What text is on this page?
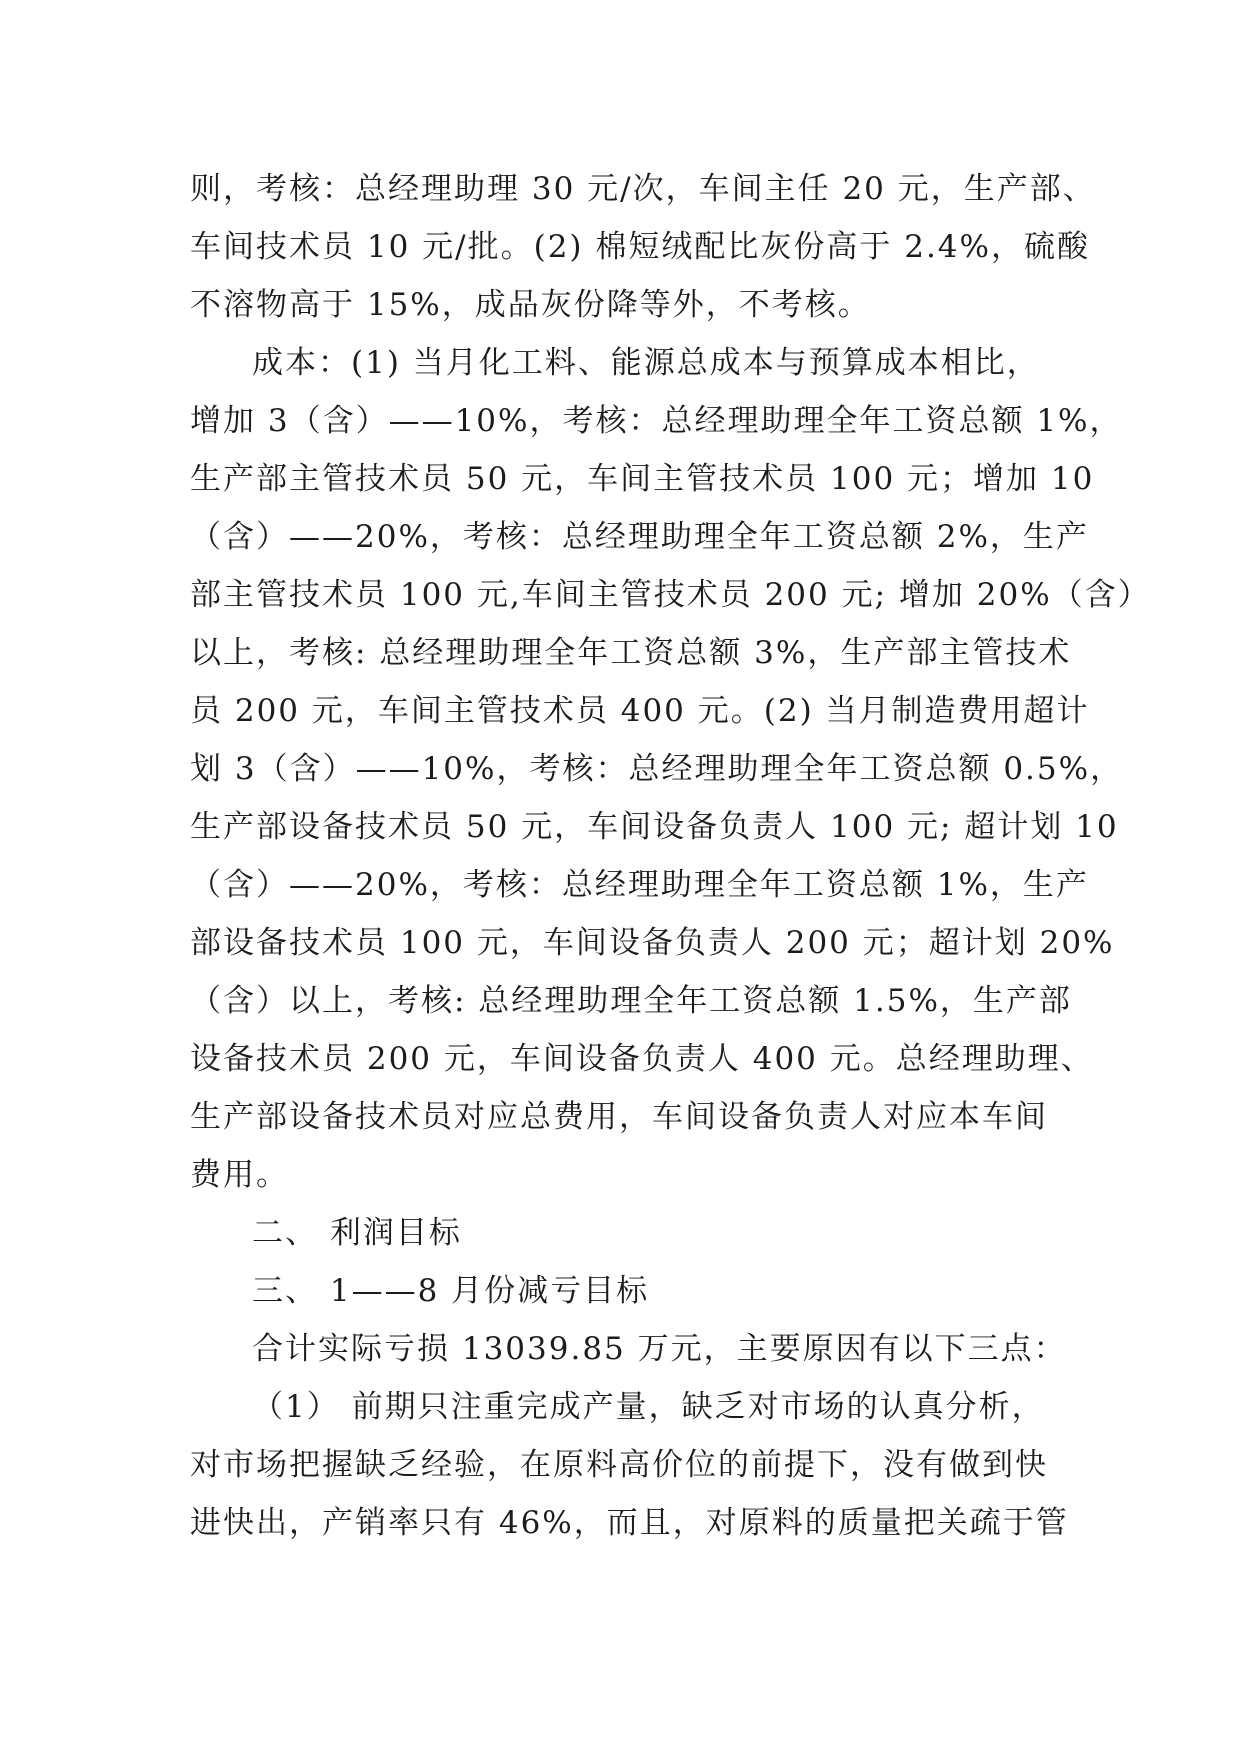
则，考核：总经理助理 30 元/次，车间主任 20 元，生产部、
车间技术员 10 元/批。(2) 棉短绒配比灰份高于 2.4%，硫酸
不溶物高于 15%，成品灰份降等外，不考核。
成本：(1) 当月化工料、能源总成本与预算成本相比，
增加 3（含）——10%，考核：总经理助理全年工资总额 1%，
生产部主管技术员 50 元，车间主管技术员 100 元；增加 10
（含）——20%，考核：总经理助理全年工资总额 2%，生产
部主管技术员 100 元,车间主管技术员 200 元; 增加 20%（含）
以上，考核: 总经理助理全年工资总额 3%，生产部主管技术
员 200 元，车间主管技术员 400 元。(2) 当月制造费用超计
划 3（含）——10%，考核：总经理助理全年工资总额 0.5%，
生产部设备技术员 50 元，车间设备负责人 100 元; 超计划 10
（含）——20%，考核：总经理助理全年工资总额 1%，生产
部设备技术员 100 元，车间设备负责人 200 元；超计划 20%
（含）以上，考核: 总经理助理全年工资总额 1.5%，生产部
设备技术员 200 元，车间设备负责人 400 元。总经理助理、
生产部设备技术员对应总费用，车间设备负责人对应本车间
费用。
二、 利润目标
三、 1——8 月份减亏目标
合计实际亏损 13039.85 万元，主要原因有以下三点：
（1） 前期只注重完成产量，缺乏对市场的认真分析，
对市场把握缺乏经验，在原料高价位的前提下，没有做到快
进快出，产销率只有 46%，而且，对原料的质量把关疏于管
